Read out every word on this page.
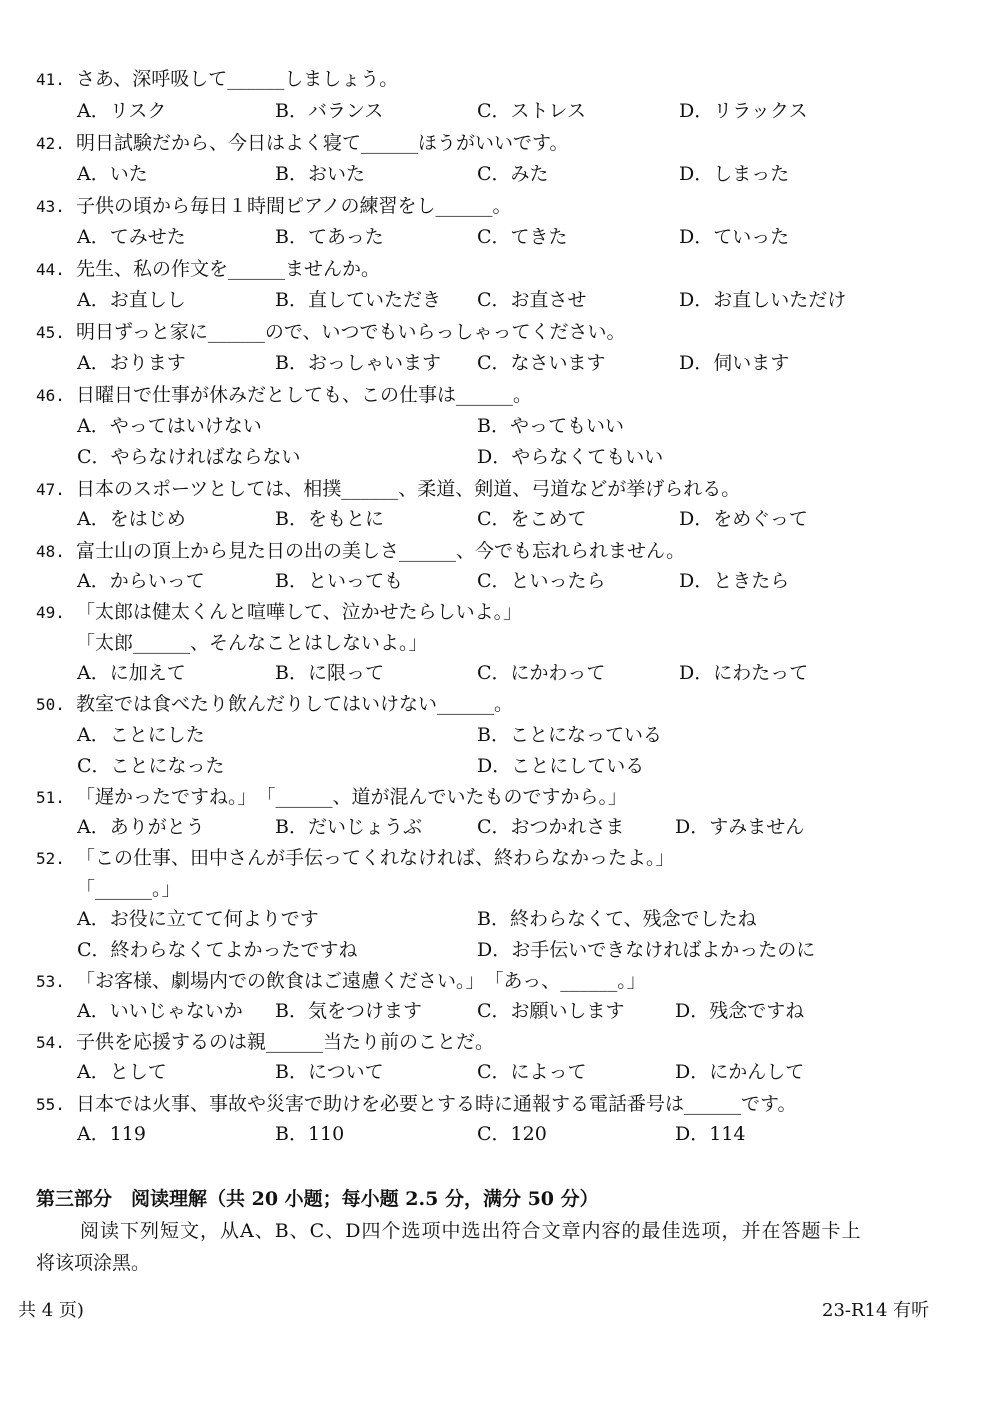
41. さあ、深呼吸して______しましょう。
A．リスク	B．バランス	C．ストレス	D．リラックス
42. 明日試験だから、今日はよく寝て______ほうがいいです。
A．いた	B．おいた	C．みた	D．しまった
43. 子供の頃から毎日１時間ピアノの練習をし______。
A．てみせた	B．てあった	C．てきた	D．ていった
44. 先生、私の作文を______ませんか。
A．お直しし	B．直していただき C．お直させ	D．お直しいただけ
45. 明日ずっと家に______ので、いつでもいらっしゃってください。
A．おります	B．おっしゃいます C．なさいます	D．伺います
46. 日曜日で仕事が休みだとしても、この仕事は______。
A．やってはいけない	B．やってもいい
C．やらなければならない	D．やらなくてもいい
47. 日本のスポーツとしては、相撲______、柔道、剣道、弓道などが挙げられる。
A．をはじめ	B．をもとに	C．をこめて	D．をめぐって
48. 富士山の頂上から見た日の出の美しさ______、今でも忘れられません。
A．からいって	B．といっても	C．といったら	D．ときたら
49. 「太郎は健太くんと喧嘩して、泣かせたらしいよ。」
「太郎______、そんなことはしないよ。」
A．に加えて	B．に限って	C．にかわって	D．にわたって
50. 教室では食べたり飲んだりしてはいけない______。
A．ことにした	B．ことになっている
C．ことになった	D．ことにしている
51. 「遅かったですね。」　「______、道が混んでいたものですから。」
A．ありがとう	B．だいじょうぶ	C．おつかれさま	D．すみません
52. 「この仕事、田中さんが手伝ってくれなければ、終わらなかったよ。」
「______。」
A．お役に立てて何よりです	B．終わらなくて、残念でしたね
C．終わらなくてよかったですね	D．お手伝いできなければよかったのに
53. 「お客様、劇場内での飲食はご遠慮ください。」　「あっ、______。」
A．いいじゃないか B．気をつけます	C．お願いします	D．残念ですね
54. 子供を応援するのは親______当たり前のことだ。
A．として	B．について	C．によって	D．にかんして
55. 日本では火事、事故や災害で助けを必要とする時に通報する電話番号は______です。
A．119	B．110	C．120	D．114
第三部分　阅读理解（共 20 小题；每小题 2.5 分，满分 50 分）
阅读下列短文，从A、B、C、D四个选项中选出符合文章内容的最佳选项，并在答题卡上
将该项涂黑。
共 4 页)	23-R14 有听
